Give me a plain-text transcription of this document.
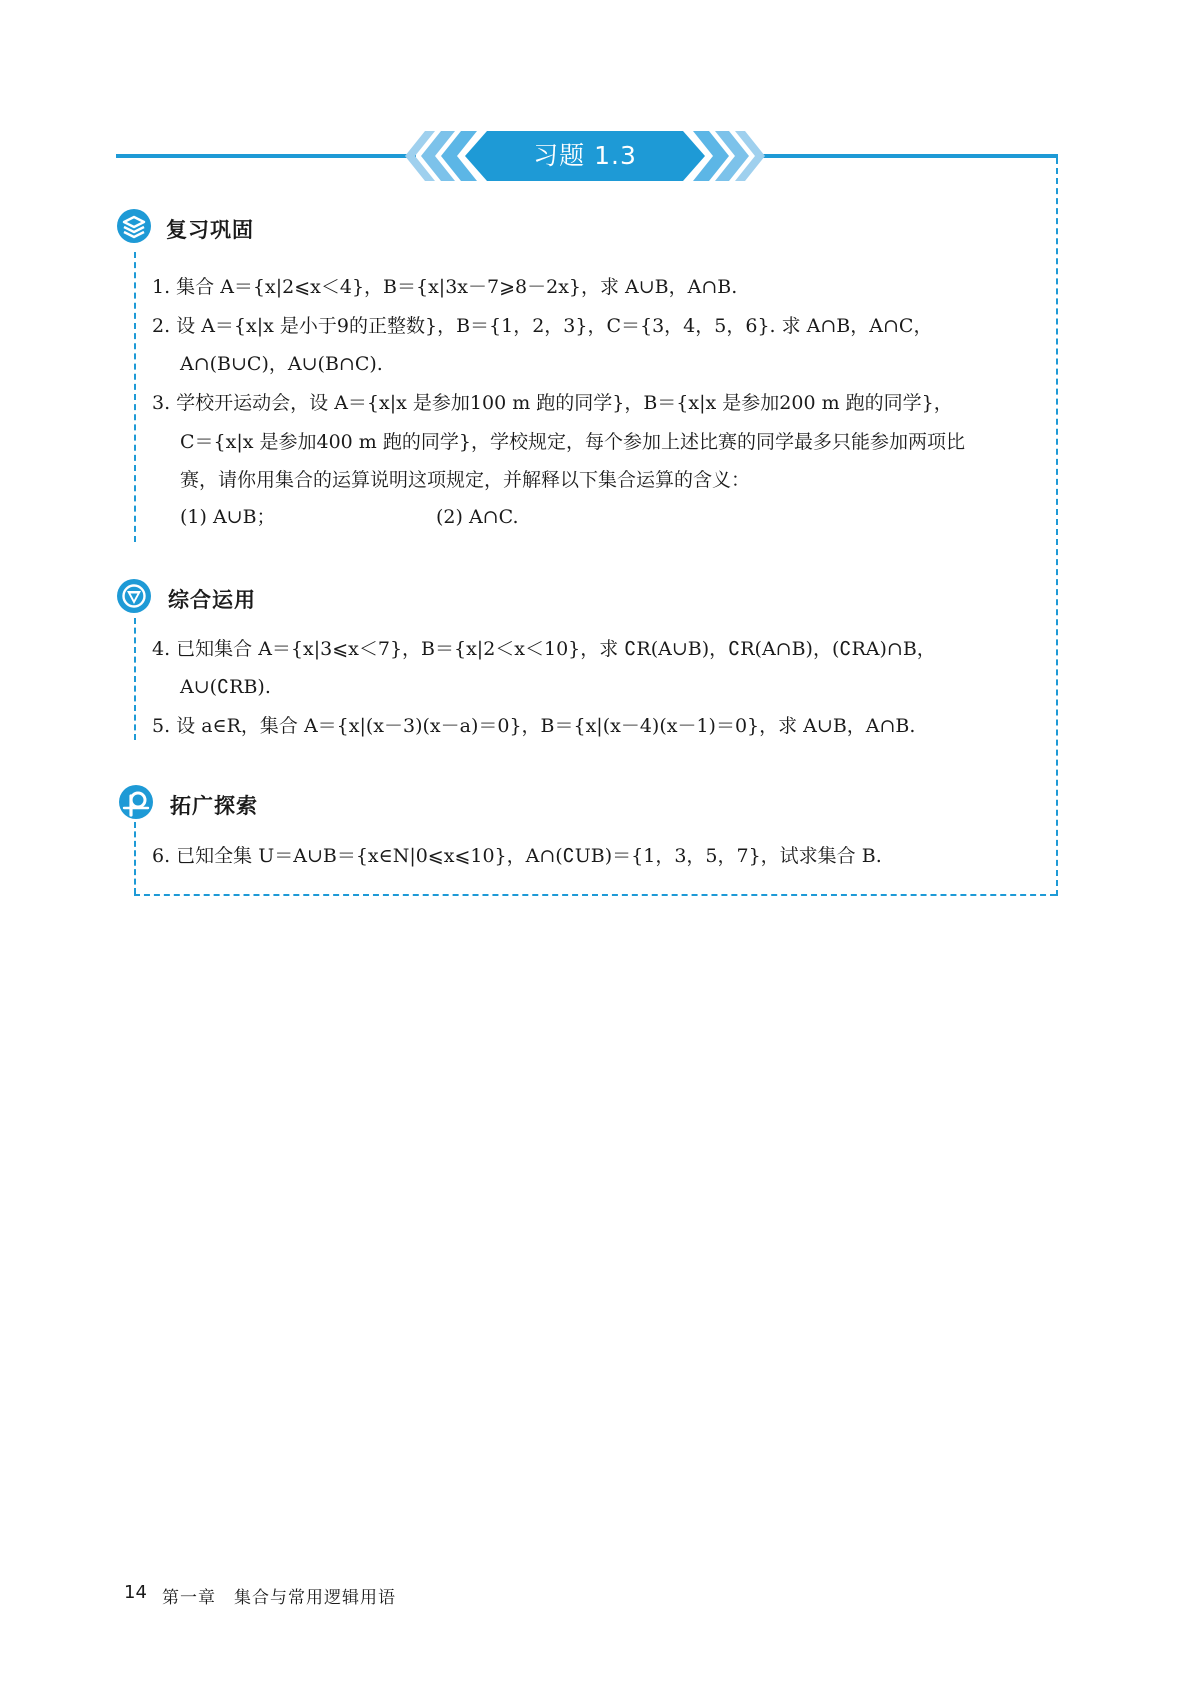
习题 1.3
复习巩固
1. 集合 A＝{x|2⩽x＜4}，B＝{x|3x－7⩾8－2x}，求 A∪B，A∩B.
2. 设 A＝{x|x 是小于9的正整数}，B＝{1，2，3}，C＝{3，4，5，6}. 求 A∩B，A∩C，
A∩(B∪C)，A∪(B∩C).
3. 学校开运动会，设 A＝{x|x 是参加100 m 跑的同学}，B＝{x|x 是参加200 m 跑的同学}，
C＝{x|x 是参加400 m 跑的同学}，学校规定，每个参加上述比赛的同学最多只能参加两项比
赛，请你用集合的运算说明这项规定，并解释以下集合运算的含义：
(1) A∪B；	(2) A∩C.
综合运用
4. 已知集合 A＝{x|3⩽x＜7}，B＝{x|2＜x＜10}，求 ∁R(A∪B)，∁R(A∩B)，(∁RA)∩B，
A∪(∁RB).
5. 设 a∈R，集合 A＝{x|(x－3)(x－a)＝0}，B＝{x|(x－4)(x－1)＝0}，求 A∪B，A∩B.
拓广探索
6. 已知全集 U＝A∪B＝{x∈N|0⩽x⩽10}，A∩(∁UB)＝{1，3，5，7}，试求集合 B.
14 第一章　集合与常用逻辑用语
